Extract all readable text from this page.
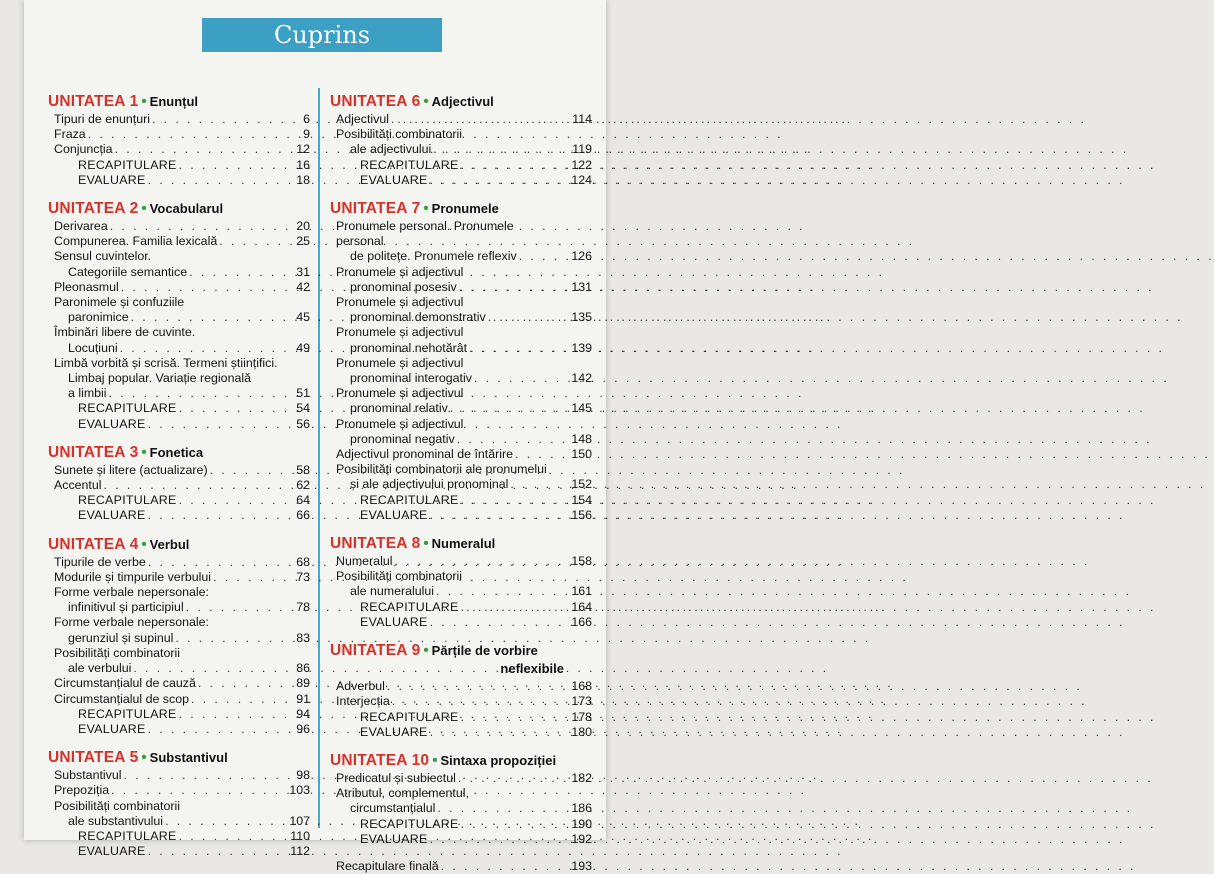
Cuprins
UNITATEA 1 • Enunțul
Tipuri de enunțuri . . .	6
Fraza . . .	9
Conjuncția . . .	12
RECAPITULARE . . .	16
EVALUARE . . .	18
UNITATEA 2 • Vocabularul
Derivarea . . .	20
Compunerea. Familia lexicală . . .	25
Sensul cuvintelor.
Categoriile semantice . . .	31
Pleonasmul . . .	42
Paronimele și confuziile
paronimice . . .	45
Îmbinări libere de cuvinte.
Locuțiuni . . .	49
Limbă vorbită și scrisă. Termeni științifici.
Limbaj popular. Variație regională
a limbii . . .	51
RECAPITULARE . . .	54
EVALUARE . . .	56
UNITATEA 3 • Fonetica
Sunete și litere (actualizare) . . .	58
Accentul . . .	62
RECAPITULARE . . .	64
EVALUARE . . .	66
UNITATEA 4 • Verbul
Tipurile de verbe . . .	68
Modurile și timpurile verbului . . .	73
Forme verbale nepersonale:
infinitivul și participiul . . .	78
Forme verbale nepersonale:
gerunziul și supinul . . .	83
Posibilități combinatorii
ale verbului . . .	86
Circumstanțialul de cauză . . .	89
Circumstanțialul de scop . . .	91
RECAPITULARE . . .	94
EVALUARE . . .	96
UNITATEA 5 • Substantivul
Substantivul . . .	98
Prepoziția . . .	103
Posibilități combinatorii
ale substantivului . . .	107
RECAPITULARE . . .	110
EVALUARE . . .	112
UNITATEA 6 • Adjectivul
Adjectivul . . .	114
Posibilități combinatorii
ale adjectivului . . .	119
RECAPITULARE . . .	122
EVALUARE . . .	124
UNITATEA 7 • Pronumele
Pronumele personal. Pronumele personal
de politețe. Pronumele reflexiv . . .	126
Pronumele și adjectivul
pronominal posesiv . . .	131
Pronumele și adjectivul
pronominal demonstrativ . . .	135
Pronumele și adjectivul
pronominal nehotărât . . .	139
Pronumele și adjectivul
pronominal interogativ . . .	142
Pronumele și adjectivul
pronominal relativ . . .	145
Pronumele și adjectivul
pronominal negativ . . .	148
Adjectivul pronominal de întărire . . .	150
Posibilități combinatorii ale pronumelui
și ale adjectivului pronominal . . .	152
RECAPITULARE . . .	154
EVALUARE . . .	156
UNITATEA 8 • Numeralul
Numeralul . . .	158
Posibilități combinatorii
ale numeralului . . .	161
RECAPITULARE . . .	164
EVALUARE . . .	166
UNITATEA 9 • Părțile de vorbire
neflexibile
Adverbul . . .	168
Interjecția . . .	173
RECAPITULARE . . .	178
EVALUARE . . .	180
UNITATEA 10 • Sintaxa propoziției
Predicatul și subiectul . . .	182
Atributul, complementul,
circumstanțialul . . .	186
RECAPITULARE . . .	190
EVALUARE . . .	192
Recapitulare finală . . .	193
